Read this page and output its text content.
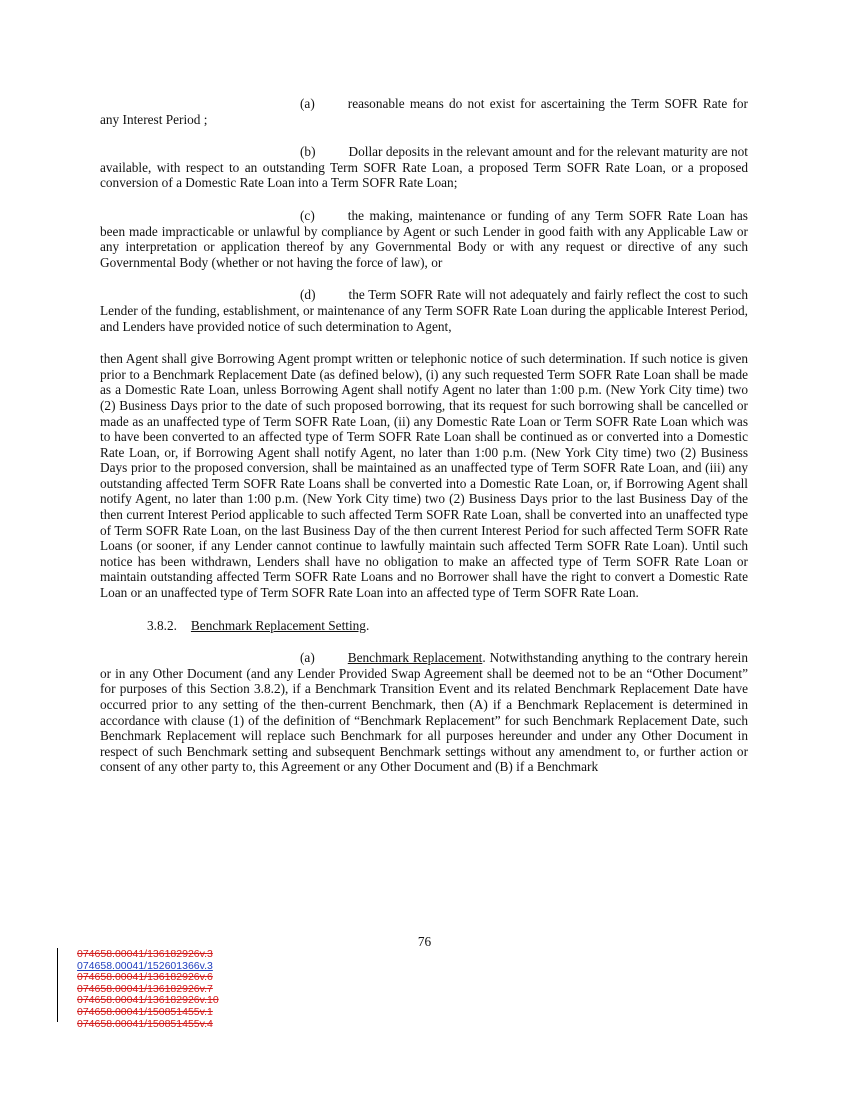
(a) reasonable means do not exist for ascertaining the Term SOFR Rate for any Interest Period ;

(b) Dollar deposits in the relevant amount and for the relevant maturity are not available, with respect to an outstanding Term SOFR Rate Loan, a proposed Term SOFR Rate Loan, or a proposed conversion of a Domestic Rate Loan into a Term SOFR Rate Loan;

(c) the making, maintenance or funding of any Term SOFR Rate Loan has been made impracticable or unlawful by compliance by Agent or such Lender in good faith with any Applicable Law or any interpretation or application thereof by any Governmental Body or with any request or directive of any such Governmental Body (whether or not having the force of law), or

(d) the Term SOFR Rate will not adequately and fairly reflect the cost to such Lender of the funding, establishment, or maintenance of any Term SOFR Rate Loan during the applicable Interest Period, and Lenders have provided notice of such determination to Agent,

then Agent shall give Borrowing Agent prompt written or telephonic notice of such determination. If such notice is given prior to a Benchmark Replacement Date (as defined below), (i) any such requested Term SOFR Rate Loan shall be made as a Domestic Rate Loan, unless Borrowing Agent shall notify Agent no later than 1:00 p.m. (New York City time) two (2) Business Days prior to the date of such proposed borrowing, that its request for such borrowing shall be cancelled or made as an unaffected type of Term SOFR Rate Loan, (ii) any Domestic Rate Loan or Term SOFR Rate Loan which was to have been converted to an affected type of Term SOFR Rate Loan shall be continued as or converted into a Domestic Rate Loan, or, if Borrowing Agent shall notify Agent, no later than 1:00 p.m. (New York City time) two (2) Business Days prior to the proposed conversion, shall be maintained as an unaffected type of Term SOFR Rate Loan, and (iii) any outstanding affected Term SOFR Rate Loans shall be converted into a Domestic Rate Loan, or, if Borrowing Agent shall notify Agent, no later than 1:00 p.m. (New York City time) two (2) Business Days prior to the last Business Day of the then current Interest Period applicable to such affected Term SOFR Rate Loan, shall be converted into an unaffected type of Term SOFR Rate Loan, on the last Business Day of the then current Interest Period for such affected Term SOFR Rate Loans (or sooner, if any Lender cannot continue to lawfully maintain such affected Term SOFR Rate Loan). Until such notice has been withdrawn, Lenders shall have no obligation to make an affected type of Term SOFR Rate Loan or maintain outstanding affected Term SOFR Rate Loans and no Borrower shall have the right to convert a Domestic Rate Loan or an unaffected type of Term SOFR Rate Loan into an affected type of Term SOFR Rate Loan.

3.8.2. Benchmark Replacement Setting.

(a) Benchmark Replacement. Notwithstanding anything to the contrary herein or in any Other Document (and any Lender Provided Swap Agreement shall be deemed not to be an “Other Document” for purposes of this Section 3.8.2), if a Benchmark Transition Event and its related Benchmark Replacement Date have occurred prior to any setting of the then-current Benchmark, then (A) if a Benchmark Replacement is determined in accordance with clause (1) of the definition of “Benchmark Replacement” for such Benchmark Replacement Date, such Benchmark Replacement will replace such Benchmark for all purposes hereunder and under any Other Document in respect of such Benchmark setting and subsequent Benchmark settings without any amendment to, or further action or consent of any other party to, this Agreement or any Other Document and (B) if a Benchmark

76
074658.00041/136182926v.3
074658.00041/152601366v.3
074658.00041/136182926v.6
074658.00041/136182926v.7
074658.00041/136182926v.10
074658.00041/150851455v.1
074658.00041/150851455v.4
